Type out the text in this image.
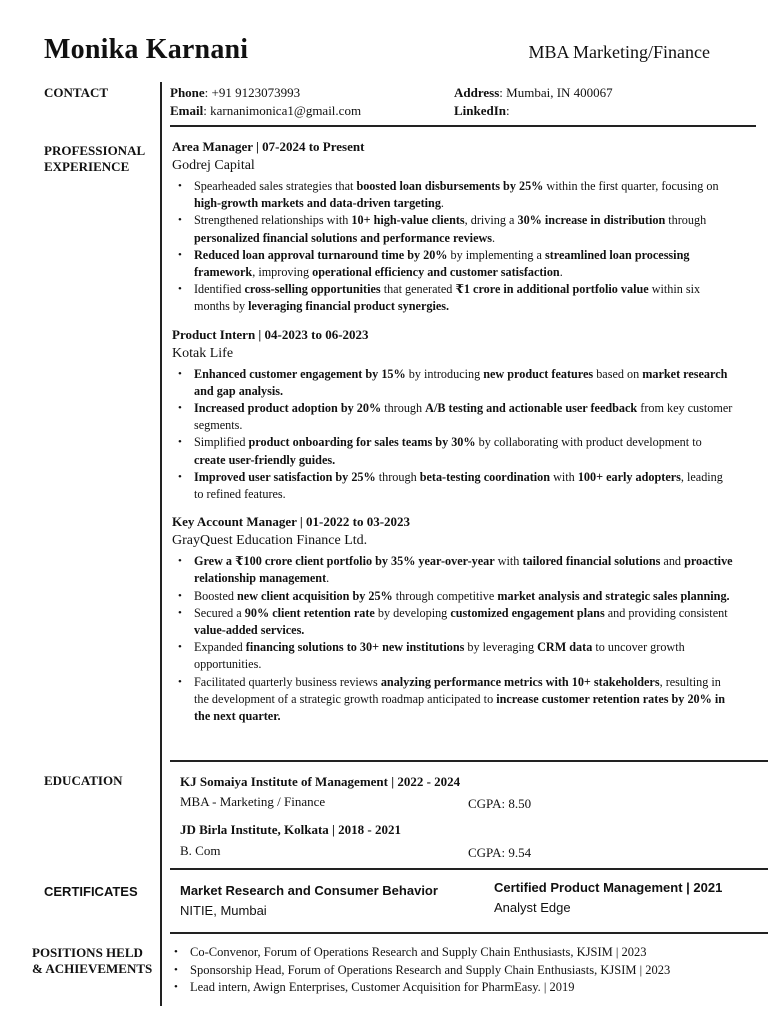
Monika Karnani	MBA Marketing/Finance
CONTACT	Phone: +91 9123073993
Email: karnanimonica1@gmail.com
Address: Mumbai, IN 400067
LinkedIn:
PROFESSIONAL
EXPERIENCE
Area Manager | 07-2024 to Present
Godrej Capital
• Spearheaded sales strategies that boosted loan disbursements by 25% within the first quarter, focusing on high-growth markets and data-driven targeting.
• Strengthened relationships with 10+ high-value clients, driving a 30% increase in distribution through personalized financial solutions and performance reviews.
• Reduced loan approval turnaround time by 20% by implementing a streamlined loan processing framework, improving operational efficiency and customer satisfaction.
• Identified cross-selling opportunities that generated ₹1 crore in additional portfolio value within six months by leveraging financial product synergies.
Product Intern | 04-2023 to 06-2023
Kotak Life
• Enhanced customer engagement by 15% by introducing new product features based on market research and gap analysis.
• Increased product adoption by 20% through A/B testing and actionable user feedback from key customer segments.
• Simplified product onboarding for sales teams by 30% by collaborating with product development to create user-friendly guides.
• Improved user satisfaction by 25% through beta-testing coordination with 100+ early adopters, leading to refined features.
Key Account Manager | 01-2022 to 03-2023
GrayQuest Education Finance Ltd.
• Grew a ₹100 crore client portfolio by 35% year-over-year with tailored financial solutions and proactive relationship management.
• Boosted new client acquisition by 25% through competitive market analysis and strategic sales planning.
• Secured a 90% client retention rate by developing customized engagement plans and providing consistent value-added services.
• Expanded financing solutions to 30+ new institutions by leveraging CRM data to uncover growth opportunities.
• Facilitated quarterly business reviews analyzing performance metrics with 10+ stakeholders, resulting in the development of a strategic growth roadmap anticipated to increase customer retention rates by 20% in the next quarter.
EDUCATION	KJ Somaiya Institute of Management | 2022 - 2024
MBA - Marketing / Finance	CGPA: 8.50
JD Birla Institute, Kolkata | 2018 - 2021
B. Com	CGPA: 9.54
CERTIFICATES	Market Research and Consumer Behavior
NITIE, Mumbai
Certified Product Management | 2021
Analyst Edge
POSITIONS HELD
& ACHIEVEMENTS
• Co-Convenor, Forum of Operations Research and Supply Chain Enthusiasts, KJSIM | 2023
• Sponsorship Head, Forum of Operations Research and Supply Chain Enthusiasts, KJSIM | 2023
• Lead intern, Awign Enterprises, Customer Acquisition for PharmEasy. | 2019
